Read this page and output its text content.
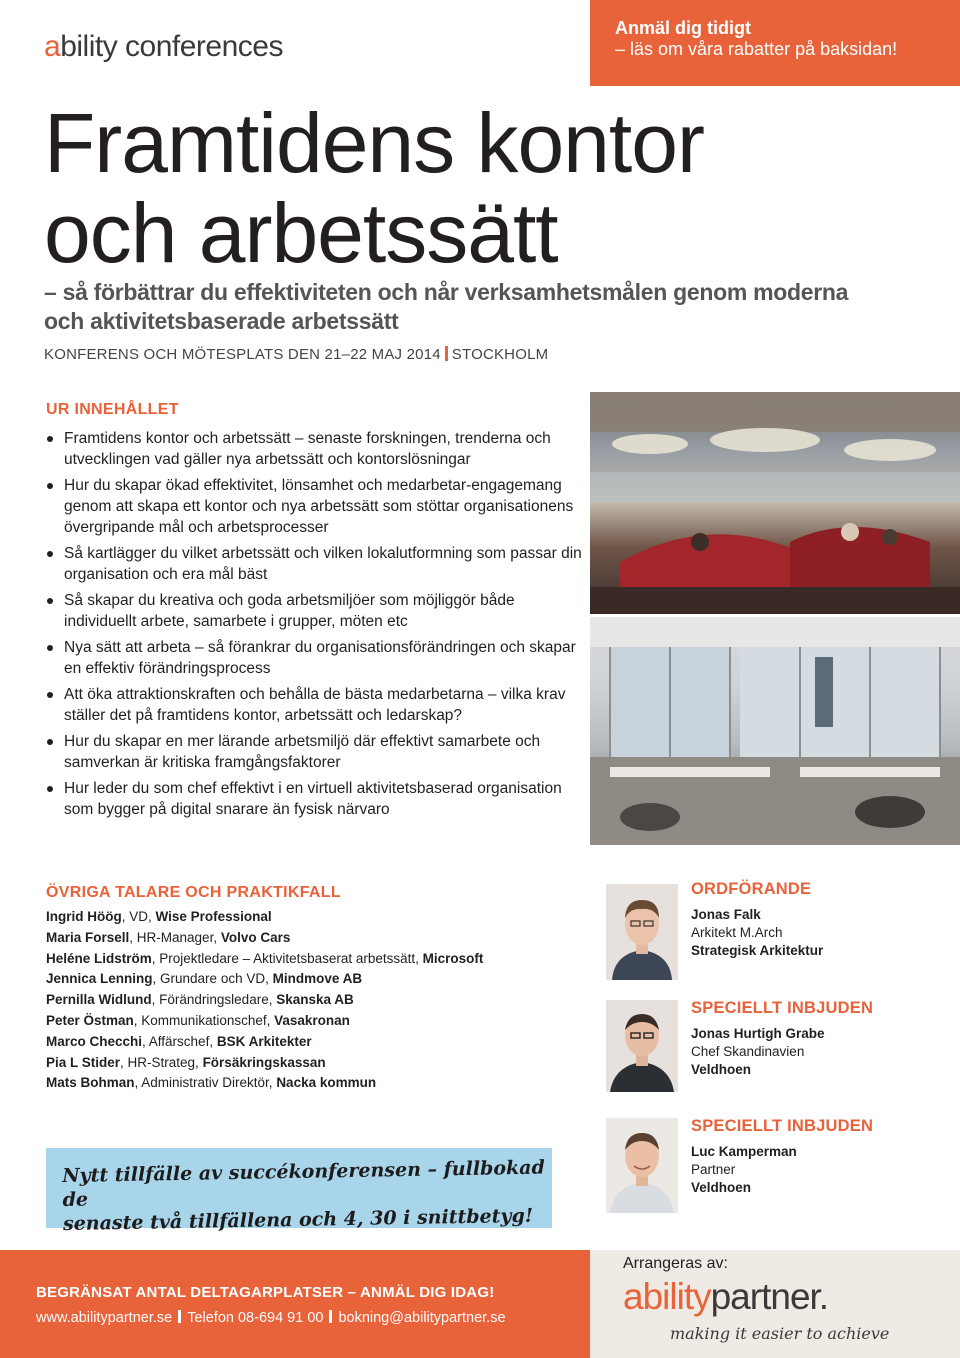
ability conferences
Anmäl dig tidigt
– läs om våra rabatter på baksidan!
Framtidens kontor
och arbetssätt
– så förbättrar du effektiviteten och når verksamhetsmålen genom moderna
och aktivitetsbaserade arbetssätt
KONFERENS OCH MÖTESPLATS DEN 21–22 MAJ 2014 STOCKHOLM
UR INNEHÅLLET
Framtidens kontor och arbetssätt – senaste forskningen, trenderna och utvecklingen vad gäller nya arbetssätt och kontorslösningar
Hur du skapar ökad effektivitet, lönsamhet och medarbetar-engagemang genom att skapa ett kontor och nya arbetssätt som stöttar organisationens övergripande mål och arbetsprocesser
Så kartlägger du vilket arbetssätt och vilken lokalutformning som passar din organisation och era mål bäst
Så skapar du kreativa och goda arbetsmiljöer som möjliggör både individuellt arbete, samarbete i grupper, möten etc
Nya sätt att arbeta – så förankrar du organisationsförändringen och skapar en effektiv förändringsprocess
Att öka attraktionskraften och behålla de bästa medarbetarna – vilka krav ställer det på framtidens kontor, arbetssätt och ledarskap?
Hur du skapar en mer lärande arbetsmiljö där effektivt samarbete och samverkan är kritiska framgångsfaktorer
Hur leder du som chef effektivt i en virtuell aktivitetsbaserad organisation som bygger på digital snarare än fysisk närvaro
ÖVRIGA TALARE OCH PRAKTIKFALL
Ingrid Höög, VD, Wise Professional
Maria Forsell, HR-Manager, Volvo Cars
Heléne Lidström, Projektledare – Aktivitetsbaserat arbetssätt, Microsoft
Jennica Lenning, Grundare och VD, Mindmove AB
Pernilla Widlund, Förändringsledare, Skanska AB
Peter Östman, Kommunikationschef, Vasakronan
Marco Checchi, Affärschef, BSK Arkitekter
Pia L Stider, HR-Strateg, Försäkringskassan
Mats Bohman, Administrativ Direktör, Nacka kommun
ORDFÖRANDE
Jonas Falk
Arkitekt M.Arch
Strategisk Arkitektur
SPECIELLT INBJUDEN
Jonas Hurtigh Grabe
Chef Skandinavien
Veldhoen
SPECIELLT INBJUDEN
Luc Kamperman
Partner
Veldhoen
Nytt tillfälle av succékonferensen – fullbokad de
senaste två tillfällena och 4, 30 i snittbetyg!
BEGRÄNSAT ANTAL DELTAGARPLATSER – ANMÄL DIG IDAG!
www.abilitypartner.se Telefon 08-694 91 00 bokning@abilitypartner.se
Arrangeras av:
abilitypartner.
making it easier to achieve
